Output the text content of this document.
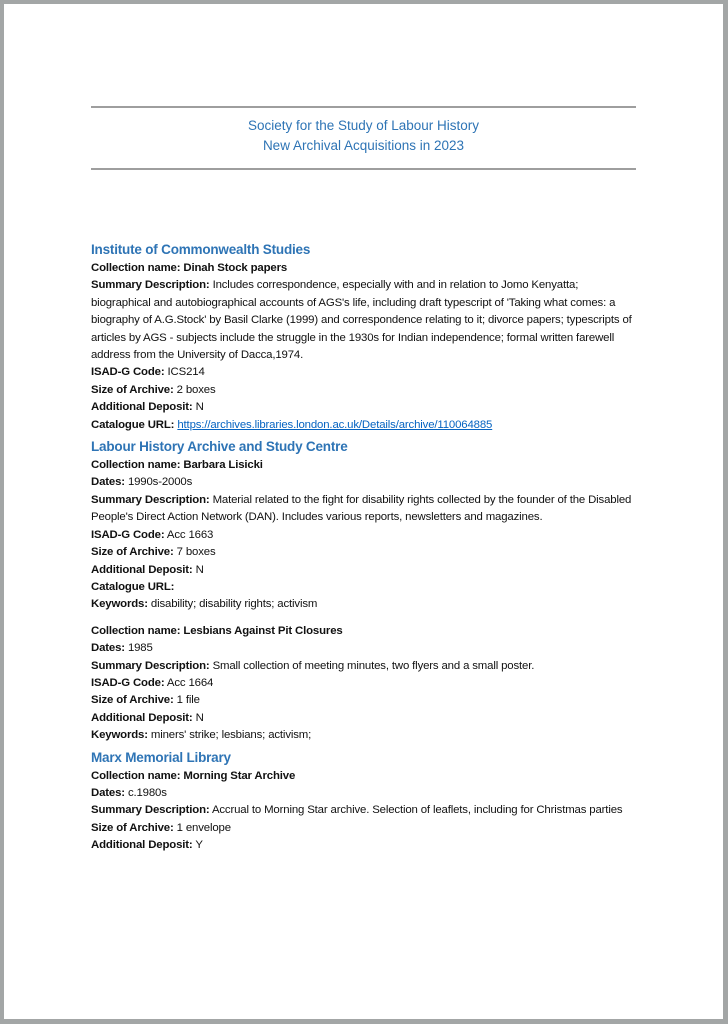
Society for the Study of Labour History
New Archival Acquisitions in 2023
Institute of Commonwealth Studies

Collection name: Dinah Stock papers

Summary Description: Includes correspondence, especially with and in relation to Jomo Kenyatta; biographical and autobiographical accounts of AGS's life, including draft typescript of 'Taking what comes: a biography of A.G.Stock' by Basil Clarke (1999) and correspondence relating to it; divorce papers; typescripts of articles by AGS - subjects include the struggle in the 1930s for Indian independence; formal written farewell address from the University of Dacca,1974.

ISAD-G Code: ICS214

Size of Archive: 2 boxes

Additional Deposit: N

Catalogue URL: https://archives.libraries.london.ac.uk/Details/archive/110064885

Labour History Archive and Study Centre

Collection name: Barbara Lisicki

Dates: 1990s-2000s

Summary Description: Material related to the fight for disability rights collected by the founder of the Disabled People's Direct Action Network (DAN). Includes various reports, newsletters and magazines.

ISAD-G Code: Acc 1663

Size of Archive: 7 boxes

Additional Deposit: N

Catalogue URL:

Keywords: disability; disability rights; activism

Collection name: Lesbians Against Pit Closures

Dates: 1985

Summary Description: Small collection of meeting minutes, two flyers and a small poster.

ISAD-G Code: Acc 1664

Size of Archive: 1 file

Additional Deposit: N

Keywords: miners' strike; lesbians; activism;

Marx Memorial Library

Collection name: Morning Star Archive

Dates: c.1980s

Summary Description: Accrual to Morning Star archive. Selection of leaflets, including for Christmas parties

Size of Archive: 1 envelope

Additional Deposit: Y
